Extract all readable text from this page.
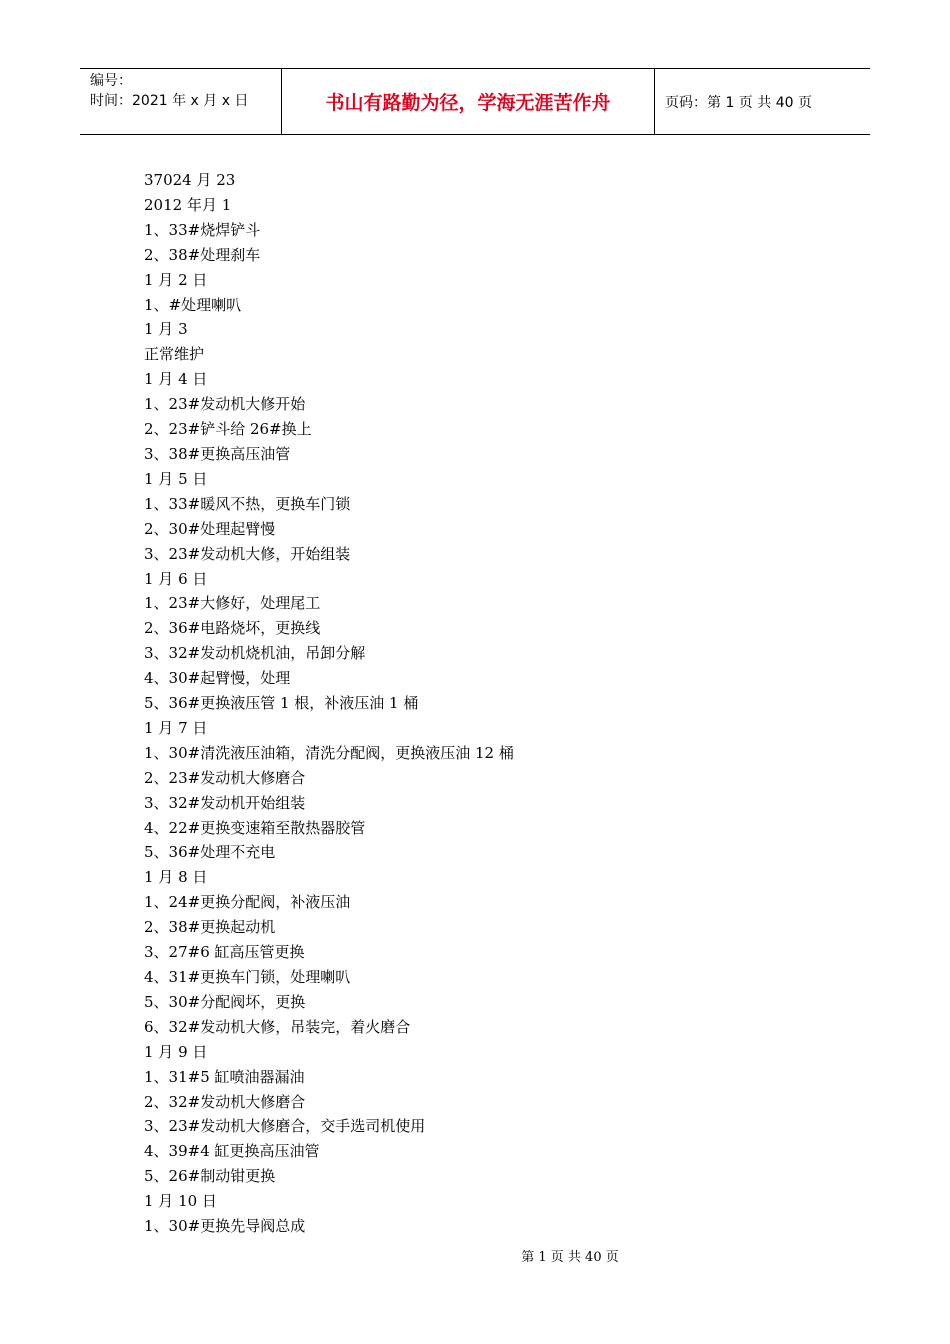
编号：
时间：2021 年 x 月 x 日	书山有路勤为径，学海无涯苦作舟	页码：第 1 页 共 40 页
37024 月 23
2012 年月 1
1、33#烧焊铲斗
2、38#处理刹车
1 月 2 日
1、#处理喇叭
1 月 3
正常维护
1 月 4 日
1、23#发动机大修开始
2、23#铲斗给 26#换上
3、38#更换高压油管
1 月 5 日
1、33#暖风不热，更换车门锁
2、30#处理起臂慢
3、23#发动机大修，开始组装
1 月 6 日
1、23#大修好，处理尾工
2、36#电路烧坏，更换线
3、32#发动机烧机油，吊卸分解
4、30#起臂慢，处理
5、36#更换液压管 1 根，补液压油 1 桶
1 月 7 日
1、30#清洗液压油箱，清洗分配阀，更换液压油 12 桶
2、23#发动机大修磨合
3、32#发动机开始组装
4、22#更换变速箱至散热器胶管
5、36#处理不充电
1 月 8 日
1、24#更换分配阀，补液压油
2、38#更换起动机
3、27#6 缸高压管更换
4、31#更换车门锁，处理喇叭
5、30#分配阀坏，更换
6、32#发动机大修，吊装完，着火磨合
1 月 9 日
1、31#5 缸喷油器漏油
2、32#发动机大修磨合
3、23#发动机大修磨合，交手选司机使用
4、39#4 缸更换高压油管
5、26#制动钳更换
1 月 10 日
1、30#更换先导阀总成
第 1 页 共 40 页
